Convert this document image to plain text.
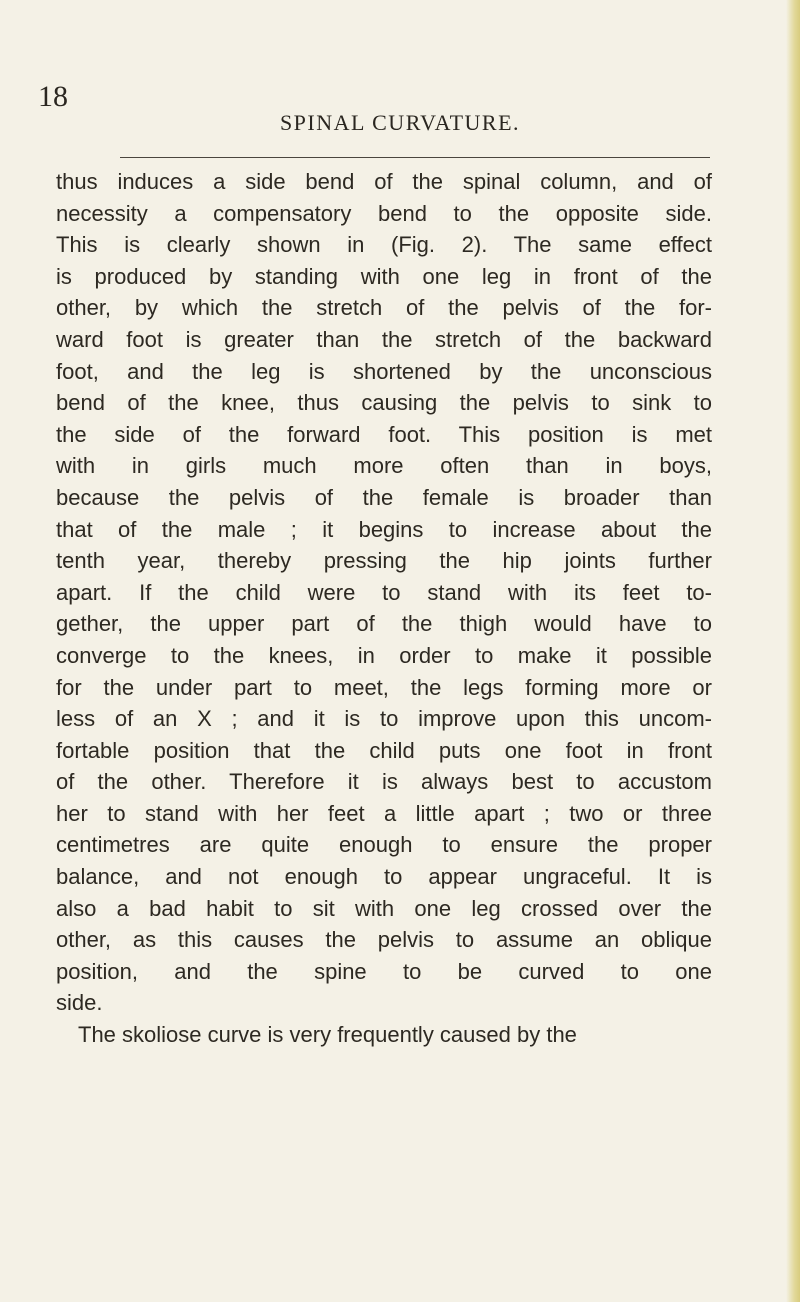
18
SPINAL CURVATURE.
thus induces a side bend of the spinal column, and of
necessity a compensatory bend to the opposite side.
This is clearly shown in (Fig. 2). The same effect
is produced by standing with one leg in front of the
other, by which the stretch of the pelvis of the for-
ward foot is greater than the stretch of the backward
foot, and the leg is shortened by the unconscious
bend of the knee, thus causing the pelvis to sink to
the side of the forward foot. This position is met
with in girls much more often than in boys,
because the pelvis of the female is broader than
that of the male ; it begins to increase about the
tenth year, thereby pressing the hip joints further
apart. If the child were to stand with its feet to-
gether, the upper part of the thigh would have to
converge to the knees, in order to make it possible
for the under part to meet, the legs forming more or
less of an X ; and it is to improve upon this uncom-
fortable position that the child puts one foot in front
of the other. Therefore it is always best to accustom
her to stand with her feet a little apart ; two or three
centimetres are quite enough to ensure the proper
balance, and not enough to appear ungraceful. It is
also a bad habit to sit with one leg crossed over the
other, as this causes the pelvis to assume an oblique
position, and the spine to be curved to one
side.
The skoliose curve is very frequently caused by the
